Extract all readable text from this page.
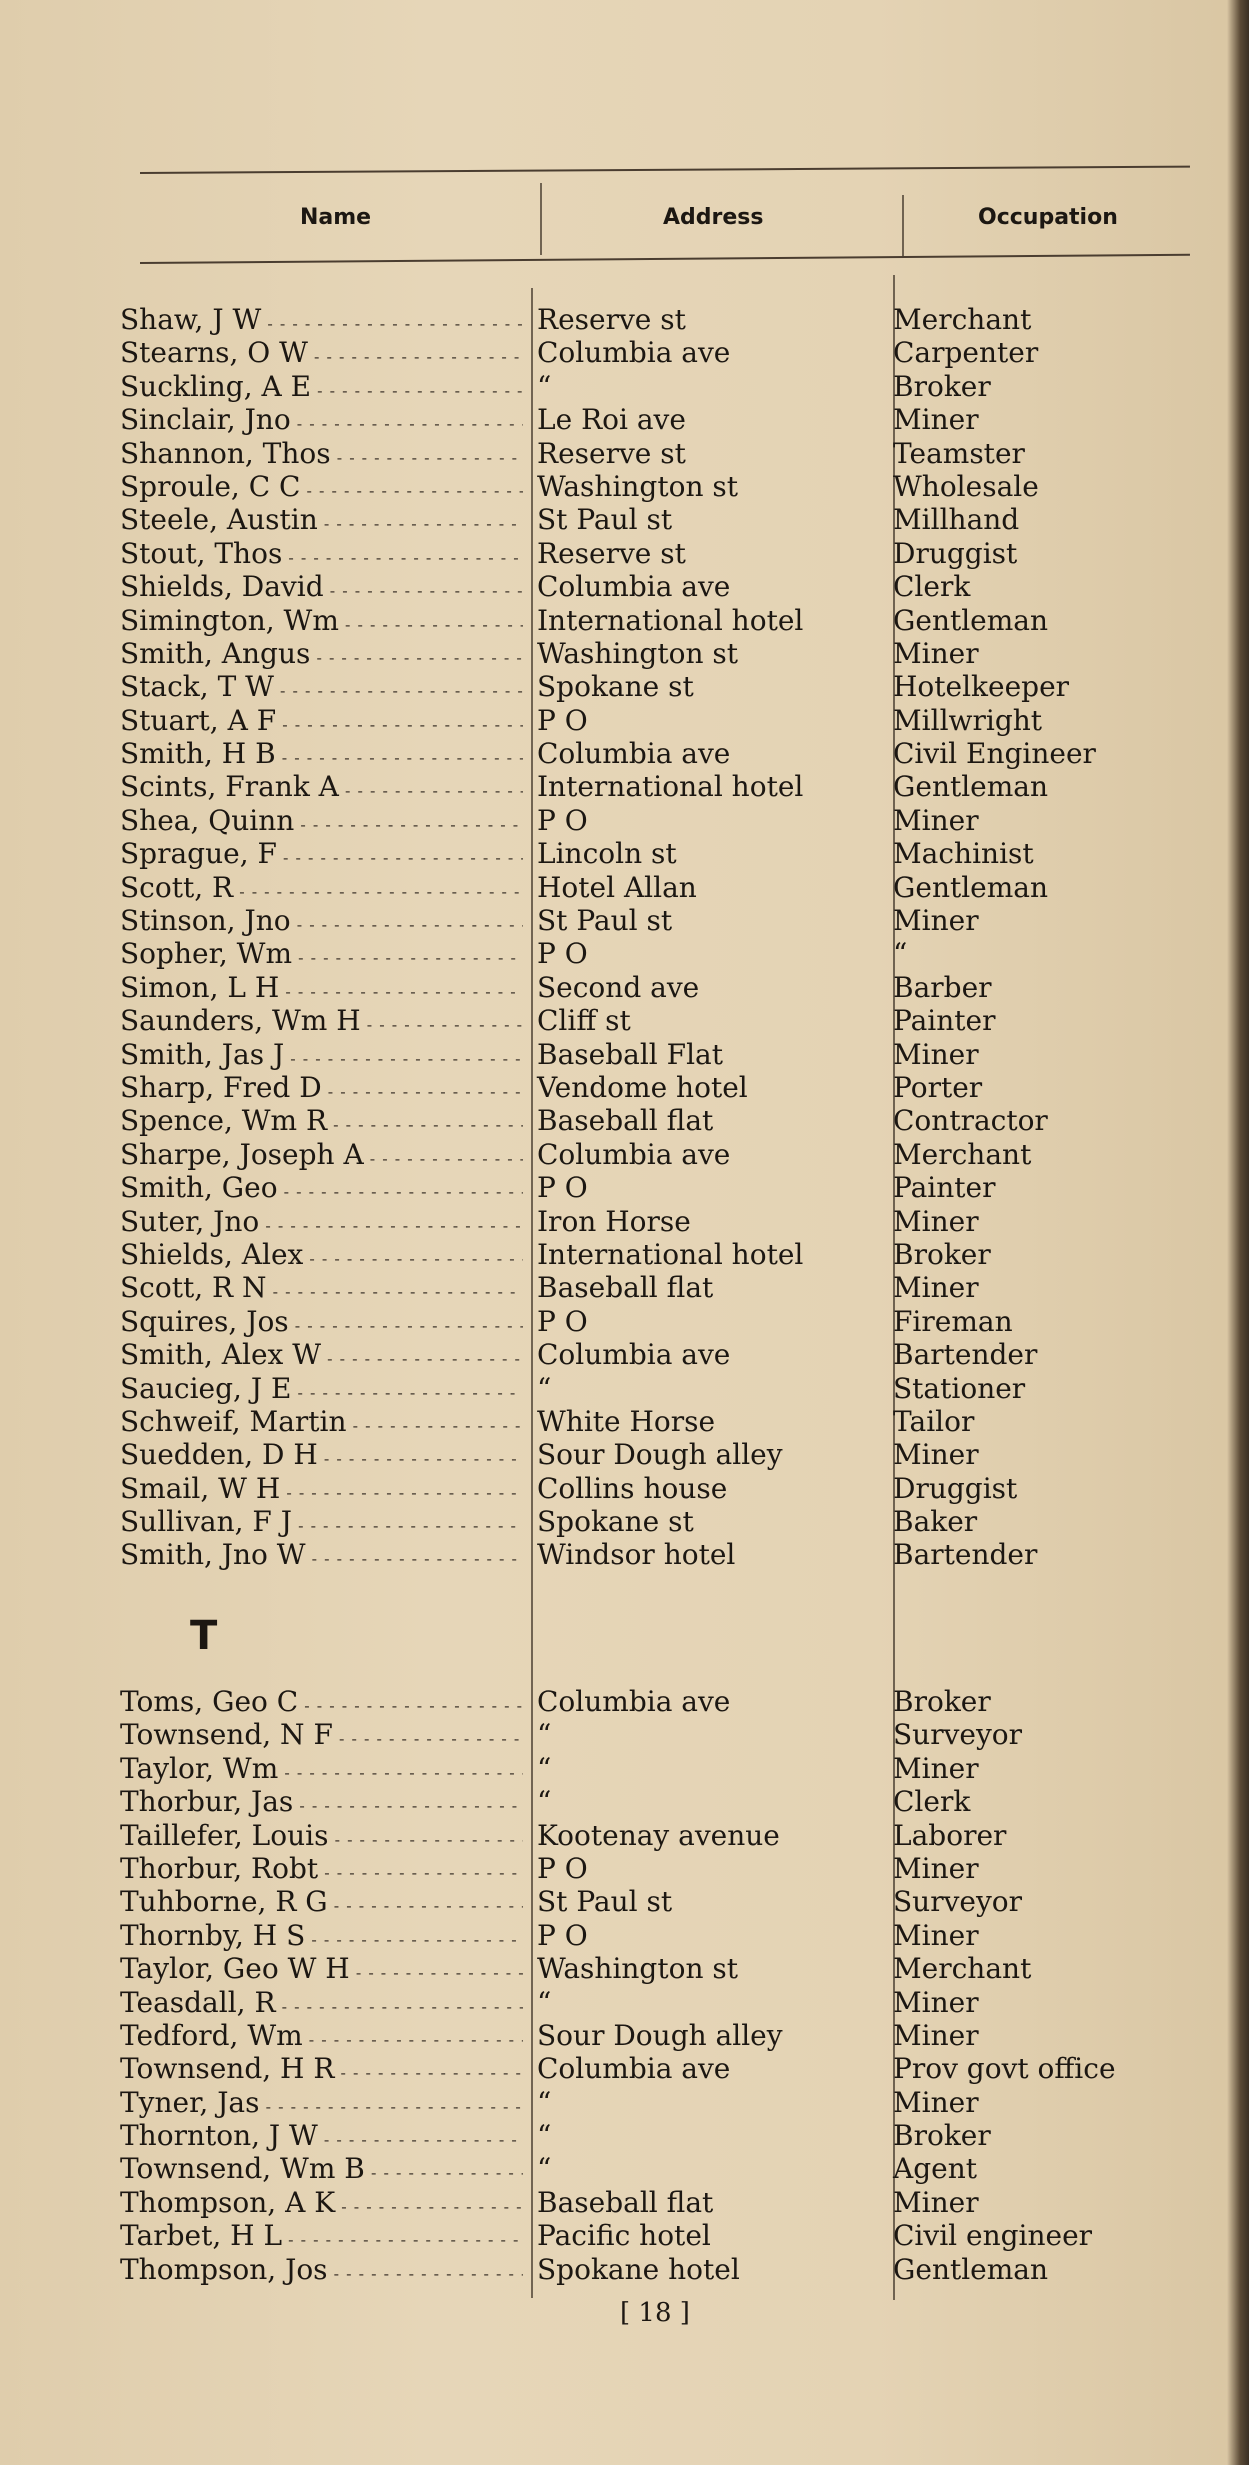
Name	Address	Occupation
Shaw, J W - - -	Reserve st	Merchant
Stearns, O W - - -	Columbia ave	Carpenter
Suckling, A E - - -	“	Broker
Sinclair, Jno - - -	Le Roi ave	Miner
Shannon, Thos - - -	Reserve st	Teamster
Sproule, C C - - -	Washington st	Wholesale
Steele, Austin - - -	St Paul st	Millhand
Stout, Thos - - -	Reserve st	Druggist
Shields, David - - -	Columbia ave	Clerk
Simington, Wm - - -	International hotel	Gentleman
Smith, Angus - - -	Washington st	Miner
Stack, T W - - -	Spokane st	Hotelkeeper
Stuart, A F - - -	P O	Millwright
Smith, H B - - -	Columbia ave	Civil Engineer
Scints, Frank A - - -	International hotel	Gentleman
Shea, Quinn - - -	P O	Miner
Sprague, F - - -	Lincoln st	Machinist
Scott, R - - -	Hotel Allan	Gentleman
Stinson, Jno - - -	St Paul st	Miner
Sopher, Wm - - -	P O	“
Simon, L H - - -	Second ave	Barber
Saunders, Wm H - - -	Cliff st	Painter
Smith, Jas J - - -	Baseball Flat	Miner
Sharp, Fred D - - -	Vendome hotel	Porter
Spence, Wm R - - -	Baseball flat	Contractor
Sharpe, Joseph A - - -	Columbia ave	Merchant
Smith, Geo - - -	P O	Painter
Suter, Jno - - -	Iron Horse	Miner
Shields, Alex - - -	International hotel	Broker
Scott, R N - - -	Baseball flat	Miner
Squires, Jos - - -	P O	Fireman
Smith, Alex W - - -	Columbia ave	Bartender
Saucieg, J E - - -	“	Stationer
Schweif, Martin - - -	White Horse	Tailor
Suedden, D H - - -	Sour Dough alley	Miner
Smail, W H - - -	Collins house	Druggist
Sullivan, F J - - -	Spokane st	Baker
Smith, Jno W - - -	Windsor hotel	Bartender
T
Toms, Geo C - - -	Columbia ave	Broker
Townsend, N F - - -	“	Surveyor
Taylor, Wm - - -	“	Miner
Thorbur, Jas - - -	“	Clerk
Taillefer, Louis - - -	Kootenay avenue	Laborer
Thorbur, Robt - - -	P O	Miner
Tuhborne, R G - - -	St Paul st	Surveyor
Thornby, H S - - -	P O	Miner
Taylor, Geo W H - - -	Washington st	Merchant
Teasdall, R - - -	“	Miner
Tedford, Wm - - -	Sour Dough alley	Miner
Townsend, H R - - -	Columbia ave	Prov govt office
Tyner, Jas - - -	“	Miner
Thornton, J W - - -	“	Broker
Townsend, Wm B - - -	“	Agent
Thompson, A K - - -	Baseball flat	Miner
Tarbet, H L - - -	Pacific hotel	Civil engineer
Thompson, Jos - - -	Spokane hotel	Gentleman
[ 18 ]
